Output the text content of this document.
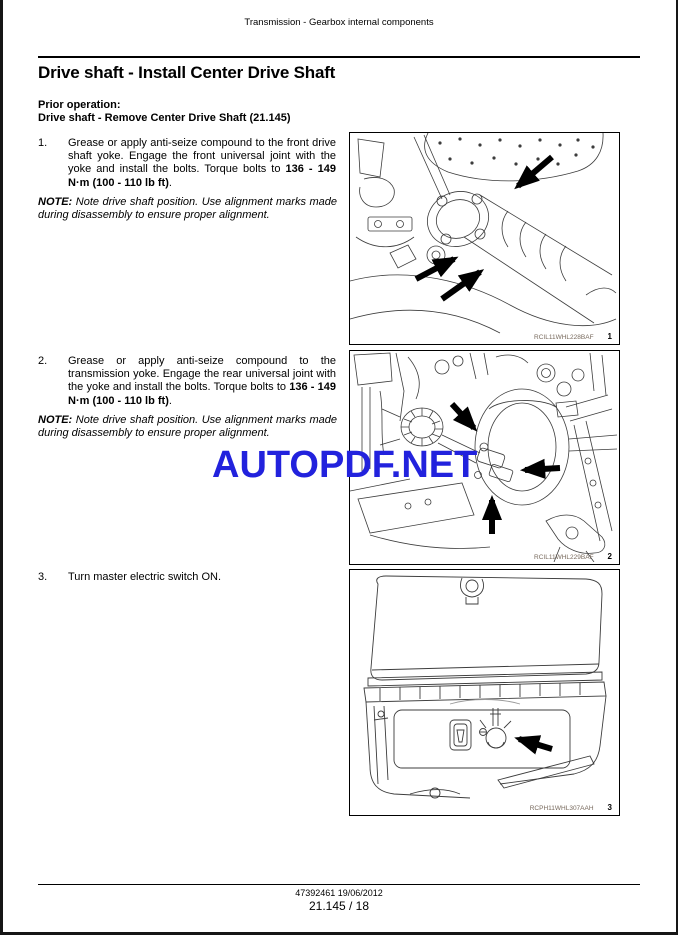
Transmission - Gearbox internal components
Drive shaft - Install Center Drive Shaft
Prior operation:
Drive shaft - Remove Center Drive Shaft (21.145)
1. Grease or apply anti-seize compound to the front drive shaft yoke. Engage the front universal joint with the yoke and install the bolts. Torque bolts to 136 - 149 N·m (100 - 110 lb ft).
NOTE: Note drive shaft position. Use alignment marks made during disassembly to ensure proper alignment.
2. Grease or apply anti-seize compound to the transmission yoke. Engage the rear universal joint with the yoke and install the bolts. Torque bolts to 136 - 149 N·m (100 - 110 lb ft).
NOTE: Note drive shaft position. Use alignment marks made during disassembly to ensure proper alignment.
3. Turn master electric switch ON.
RCIL11WHL228BAF 1
RCIL11WHL229BAF 2
RCPH11WHL307AAH 3
AUTOPDF.NET
47392461 19/06/2012
21.145 / 18
